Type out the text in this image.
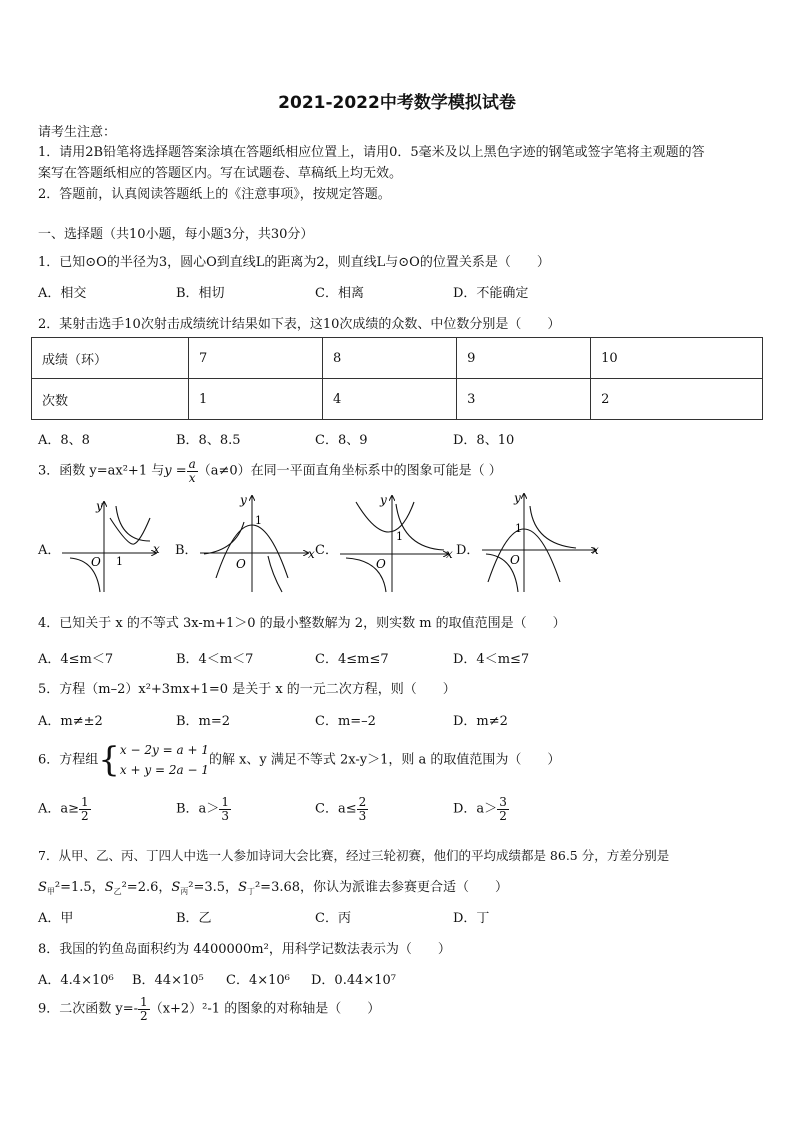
2021-2022中考数学模拟试卷
请考生注意：
1．请用2B铅笔将选择题答案涂填在答题纸相应位置上，请用0．5毫米及以上黑色字迹的钢笔或签字笔将主观题的答
案写在答题纸相应的答题区内。写在试题卷、草稿纸上均无效。
2．答题前，认真阅读答题纸上的《注意事项》，按规定答题。
一、选择题（共10小题，每小题3分，共30分）
1．已知⊙O的半径为3，圆心O到直线L的距离为2，则直线L与⊙O的位置关系是（　　）
A．相交	B．相切	C．相离	D．不能确定
2．某射击选手10次射击成绩统计结果如下表，这10次成绩的众数、中位数分别是（　　）
成绩（环）	7	8	9	10
次数	1	4	3	2
A．8、8	B．8、8.5	C．8、9	D．8、10
3．函数 y=ax²+1 与$y = \frac{a}{x} (a\ne 0)$在同一平面直角坐标系中的图象可能是（ ）
A．	B．	C．	D．
x
y
O 1
x
y
O
1
x
y
O
1
x
y
O
1
4．已知关于 x 的不等式 3x-m+1＞0 的最小整数解为 2，则实数 m 的取值范围是（　　）
A．4≤m＜7	B．4＜m＜7	C．4≤m≤7	D．4＜m≤7
5．方程（m–2）x²+3mx+1=0 是关于 x 的一元二次方程，则（　　）
A．m≠±2	B．m=2	C．m=–2	D．m≠2
6．方程组{ x − 2y = a + 1
x + y = 2a − 1
的解 x、y 满足不等式 2x-y＞1，则 a 的取值范围为（　　）
A．$a\ge \frac{1}{2}$	B．$a> \frac{1}{3}$	C．$a\le \frac{2}{3}$	D．$a> \frac{3}{2}$
7．从甲、乙、丙、丁四人中选一人参加诗词大会比赛，经过三轮初赛，他们的平均成绩都是 86.5 分，方差分别是
$S_甲^2=1.5$，$S_乙^2=2.6$，$S_丙^2=3.5$，$S_丁^2=3.68$，你认为派谁去参赛更合适（　　）
A．甲	B．乙	C．丙	D．丁
8．我国的钓鱼岛面积约为 4400000m²，用科学记数法表示为（　　）
A．4.4×10⁶ B．44×10⁵ C．4×10⁶ D．0.44×10⁷
9．二次函数 $y=- \frac{1}{2} (x+2)^2-1$ 的图象的对称轴是（　　）
